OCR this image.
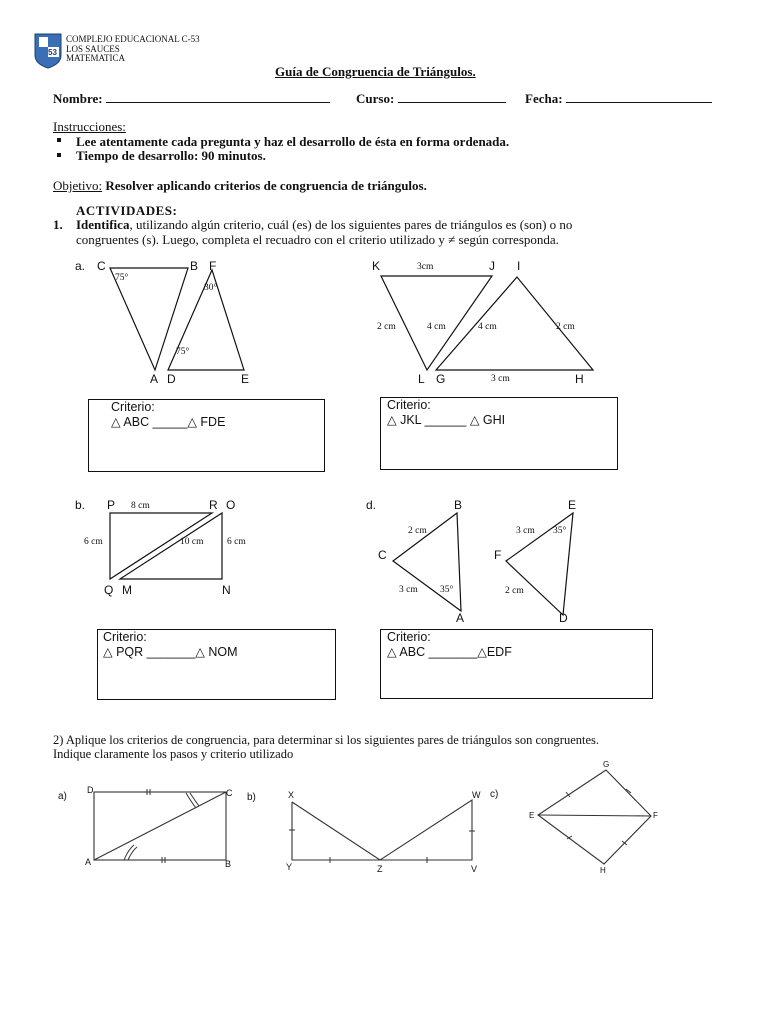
53
COMPLEJO EDUCACIONAL C-53
LOS SAUCES
MATEMATICA
Guía de Congruencia de Triángulos.
Nombre:	Curso:	Fecha:
Instrucciones:
Lee atentamente cada pregunta y haz el desarrollo de ésta en forma ordenada.
Tiempo de desarrollo: 90 minutos.
Objetivo: Resolver aplicando criterios de congruencia de triángulos.
ACTIVIDADES:
1. Identifica, utilizando algún criterio, cuál (es) de los siguientes pares de triángulos es (son) o no
congruentes (s). Luego, completa el recuadro con el criterio utilizado y ≠ según corresponda.
a. C	B F
A D	E
75°
30°
75°
K	J I
L G	H
3cm
2 cm	4 cm	4 cm	2 cm
3 cm
Criterio:
△ ABC _____△ FDE
Criterio:
△ JKL ______ △ GHI
b. P	R O
Q M	N
8 cm
6 cm	10 cm 6 cm
d.	B	E
C	F
A	D
2 cm
3 cm 35°
3 cm 35°
2 cm
Criterio:
△ PQR _______△ NOM
Criterio:
△ ABC _______△EDF
2) Aplique los criterios de congruencia, para determinar si los siguientes pares de triángulos son congruentes.
Indique claramente los pasos y criterio utilizado
a)
D	C
A	B
b)	X	W
Y	Z	V
c)
G
E	F
H
